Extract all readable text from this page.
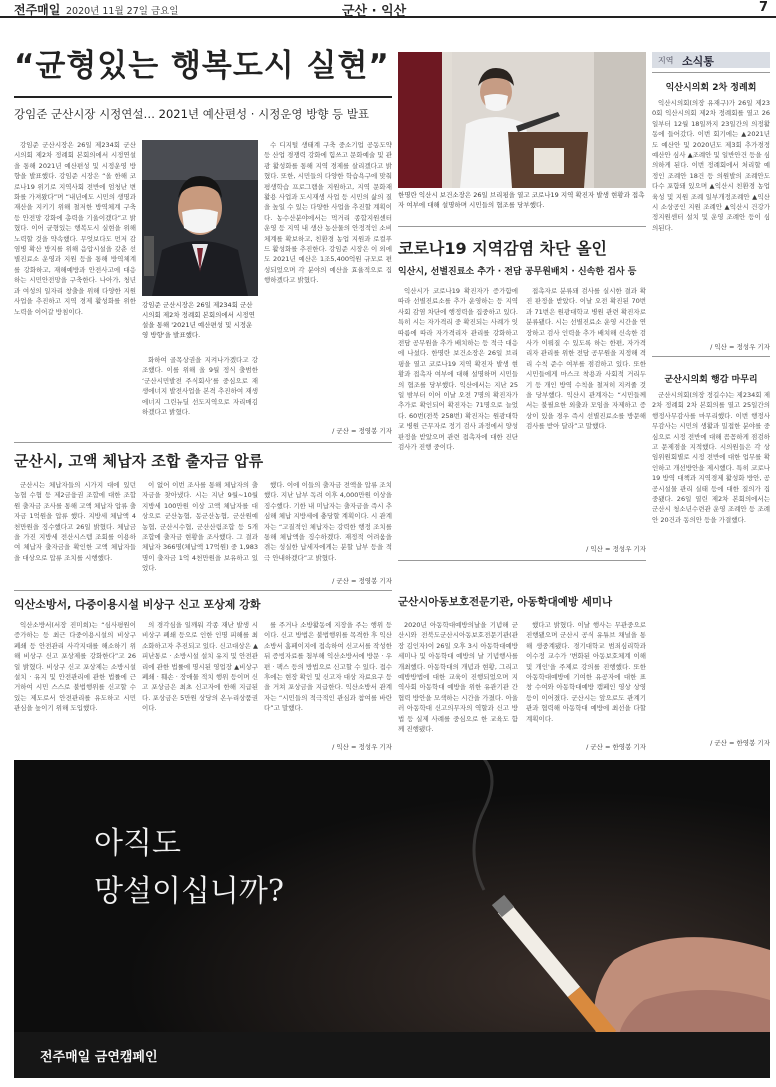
전주매일 2020년 11월 27일 금요일	군산 · 익산	7
“균형있는 행복도시 실현”
강임준 군산시장 시정연설… 2021년 예산편성 · 시정운영 방향 등 발표

강임준 군산시장은 26일 제234회 군산시의회 제2차 정례회 본회의에서 시정연설을 통해 2021년 예산편성 및 시정운영 방향을 발표했다. 강임준 시장은 “올 한해 코로나19 위기로 지역사회 전반에 엄청난 변화를 가져왔다”며 “내년에도 시민의 생명과 재산을 지키기 위해 철저한 방역체계 구축 등 안전망 강화에 총력을 기울이겠다”고 밝혔다. 이어 균형있는 행복도시 실현을 위해 노력할 것을 약속했다. 무엇보다도 먼저 감염병 확산 방지를 위해 음압시설을 갖춘 선별진료소 운영과 지원 등을 통해 방역체계를 강화하고, 재해예방과 안전사고에 대응하는 시민안전망을 구축한다. 나아가, 청년과 여성의 일자리 창출을 위해 다양한 지원 사업을 추진하고 지역 경제 활성화를 위한 노력을 이어갈 방침이다.

강임준 군산시장은 26일 제234회 군산시의회 제2차 정례회 본회의에서 시정연설을 통해 '2021년 예산편성 및 시정운영 방향'을 발표했다.

화하여 골목상권을 지켜나가겠다고 강조했다. 이를 위해 올 9월 정식 출범한 ‘군산시민발전 주식회사’를 중심으로 재생에너지 발전사업을 본격 추진하여 재생에너지 그린뉴딜 선도지역으로 자리매김하겠다고 밝혔다.

수 디지털 생태계 구축 중소기업 공동도약 등 산업 경쟁력 강화에 힘쓰고 문화예술 및 관광 활성화를 통해 지역 경제를 살리겠다고 밝혔다. 또한, 시민들의 다양한 학습욕구에 맞춰 평생학습 프로그램을 지원하고, 지역 문화재 활용 사업과 도시재생 사업 등 시민의 삶의 질을 높일 수 있는 다양한 사업을 추진할 계획이다. 농수산분야에서는 먹거리 종합지원센터 운영 등 지역 내 생산 농산물의 안정적인 소비체계를 확보하고, 친환경 농업 지원과 로컬푸드 활성화를 추진한다. 강임준 시장은 이 외에도 2021년 예산은 1조5,400억원 규모로 편성되었으며 각 분야의 예산을 효율적으로 집행하겠다고 밝혔다.

/ 군산 = 정영봉 기자
한명란 익산시 보건소장은 26일 브리핑을 열고 코로나19 지역 확진자 발생 현황과 접촉자 여부에 대해 설명하며 시민들의 협조를 당부했다.
코로나19 지역감염 차단 올인
익산시, 선별진료소 추가 · 전담 공무원배치 · 신속한 검사 등

익산시가 코로나19 확진자가 증가함에 따라 선별진료소를 추가 운영하는 등 지역사회 감염 차단에 행정력을 집중하고 있다. 특히 시는 자가격리 중 확진되는 사례가 잇따름에 따라 자가격리자 관리를 강화하고 전담 공무원을 추가 배치하는 등 적극 대응에 나섰다. 한명란 보건소장은 26일 브리핑을 열고 코로나19 지역 확진자 발생 현황과 접촉자 여부에 대해 설명하며 시민들의 협조를 당부했다. 익산에서는 지난 25일 밤부터 이어 이날 오전 7명의 확진자가 추가로 확인되어 확진자는 71명으로 늘었다. 60번(전북 258번) 확진자는 원광대학교 병원 근무자로 정기 검사 과정에서 양성 판정을 받았으며 관련 접촉자에 대한 진단검사가 진행 중이다.

접촉자로 분류돼 검사를 실시한 결과 확진 판정을 받았다. 이날 오전 확진된 70번과 71번은 원광대학교 병원 관련 확진자로 분류됐다. 시는 선별진료소 운영 시간을 연장하고 검사 인력을 추가 배치해 신속한 검사가 이뤄질 수 있도록 하는 한편, 자가격리자 관리를 위한 전담 공무원을 지정해 격리 수칙 준수 여부를 점검하고 있다. 또한 시민들에게 마스크 착용과 사회적 거리두기 등 개인 방역 수칙을 철저히 지켜줄 것을 당부했다. 익산시 관계자는 “시민들께서는 불필요한 외출과 모임을 자제하고 증상이 있을 경우 즉시 선별진료소를 방문해 검사를 받아 달라”고 말했다.

/ 익산 = 정성우 기자
군산시, 고액 체납자 조합 출자금 압류

군산시는 체납자들의 시가지 대에 있던 농협 수협 등 제2금융권 조합에 대한 조합원 출자금 조사를 통해 고액 체납자 압류 출자금 1억원을 압류 했다. 지방세 체납액 4천만원을 징수했다고 26일 밝혔다. 체납금을 가진 지방세 전산시스템 조회를 이용하여 체납자 출자금을 확인한 고액 체납자들을 대상으로 압류 조치를 시행했다.

이 없어 이번 조사를 통해 체납자의 출자금을 찾아냈다. 시는 지난 9월~10월 지방세 100만원 이상 고액 체납자를 대상으로 군산농협, 동군산농협, 군산원예농협, 군산시수협, 군산산림조합 등 5개 조합에 출자금 현황을 조사했다. 그 결과 체납자 366명(체납액 17억원) 중 1,983명이 출자금 1억 4천만원을 보유하고 있었다.

했다. 이에 이들의 출자금 전액을 압류 조치했다. 지난 납부 독려 이후 4,000만원 이상을 징수했다. 기한 내 미납자는 출자금을 즉시 추심해 체납 지방세에 충당할 계획이다. 시 관계자는 “고질적인 체납자는 강력한 행정 조치를 통해 체납액을 징수하겠다. 재정적 어려움을 겪는 성실한 납세자에게는 분할 납부 등을 적극 안내하겠다”고 밝혔다.

/ 군산 = 정영봉 기자
익산소방서, 다중이용시설 비상구 신고 포상제 강화

익산소방서(서장 진미희)는 “심사평원이 증가하는 등 최근 다중이용시설의 비상구 폐쇄 등 안전관리 사각지대를 해소하기 위해 비상구 신고 포상제를 강화한다”고 26일 밝혔다. 비상구 신고 포상제는 소방시설 설치 · 유지 및 안전관리에 관한 법률에 근거하여 시민 스스로 불법행위를 신고할 수 있는 제도로서 안전관리를 유도하고 시민 관심을 높이기 위해 도입했다.

의 경각심을 일깨워 각종 재난 발생 시 비상구 폐쇄 등으로 인한 인명 피해를 최소화하고자 추진되고 있다. 신고대상은 ▲피난통로 · 소방시설 설치 유지 및 안전관리에 관한 법률에 명시된 영업장 ▲비상구 폐쇄 · 훼손 · 장애물 적치 행위 등이며 신고 포상금은 최초 신고자에 한해 지급된다. 포상금은 5만원 상당의 온누리상품권이다.

를 주거나 소방활동에 지장을 주는 행위 등이다. 신고 방법은 불법행위를 목격한 후 익산소방서 홈페이지에 접속하여 신고서를 작성한 뒤 증빙자료를 첨부해 익산소방서에 방문 · 우편 · 팩스 등의 방법으로 신고할 수 있다. 접수 후에는 현장 확인 및 신고자 대상 자료요구 등을 거쳐 포상금을 지급한다. 익산소방서 관계자는 “시민들의 적극적인 관심과 참여를 바란다”고 말했다.

/ 익산 = 정성우 기자
군산시아동보호전문기관, 아동학대예방 세미나

2020년 아동학대예방의날을 기념해 군산시와 전북도군산시아동보호전문기관(관장 김인자)이 26일 오후 3시 아동학대예방 세미나 및 아동학대 예방의 날 기념행사를 개최했다. 아동학대의 개념과 현황, 그리고 예방방법에 대한 교육이 진행되었으며 지역사회 아동학대 예방을 위한 유관기관 간 협력 방안을 모색하는 시간을 가졌다. 아울러 아동학대 신고의무자의 역할과 신고 방법 등 실제 사례를 중심으로 한 교육도 함께 진행됐다.

했다고 밝혔다. 이날 행사는 무관중으로 진행됐으며 군산시 공식 유튜브 채널을 통해 생중계됐다. 경기대학교 범죄심리학과 이수정 교수가 '변화된 아동보호체계 이해 및 개인'을 주제로 강의를 진행했다. 또한 아동학대예방에 기여한 유공자에 대한 표창 수여와 아동학대예방 캠페인 영상 상영 등이 이어졌다. 군산시는 앞으로도 관계기관과 협력해 아동학대 예방에 최선을 다할 계획이다.

/ 군산 = 한영봉 기자
지역 소식통
익산시의회 2차 정례회

익산시의회(의장 유재구)가 26일 제230회 익산시의회 제2차 정례회를 열고 26일부터 12월 18일까지 23일간의 의정활동에 들어갔다. 이번 회기에는 ▲2021년도 예산안 및 2020년도 제3회 추가경정예산안 심사 ▲조례안 및 일반안건 등을 심의하게 된다. 이번 정례회에서 처리할 예정인 조례안 18건 등 의원발의 조례안도 다수 포함돼 있으며 ▲익산시 친환경 농업 육성 및 지원 조례 일부개정조례안 ▲익산시 소상공인 지원 조례안 ▲익산시 건강가정지원센터 설치 및 운영 조례안 등이 심의된다.

/ 익산 = 정성우 기자
군산시의회 행감 마무리

군산시의회(의장 정길수)는 제234회 제2차 정례회 2차 본회의를 열고 25일간의 행정사무감사를 마무리했다. 이번 행정사무감사는 시민의 생활과 밀접한 분야를 중심으로 시정 전반에 대해 꼼꼼하게 점검하고 문제점을 지적했다. 시의원들은 각 상임위원회별로 시정 전반에 대한 업무를 확인하고 개선방안을 제시했다. 특히 코로나19 방역 대책과 지역경제 활성화 방안, 공공시설물 관리 실태 등에 대한 질의가 집중됐다. 26일 열린 제2차 본회의에서는 군산시 청소년수련관 운영 조례안 등 조례안 20건과 동의안 등을 가결했다.

/ 군산 = 한영봉 기자
아직도
망설이십니까?
전주매일 금연캠페인
